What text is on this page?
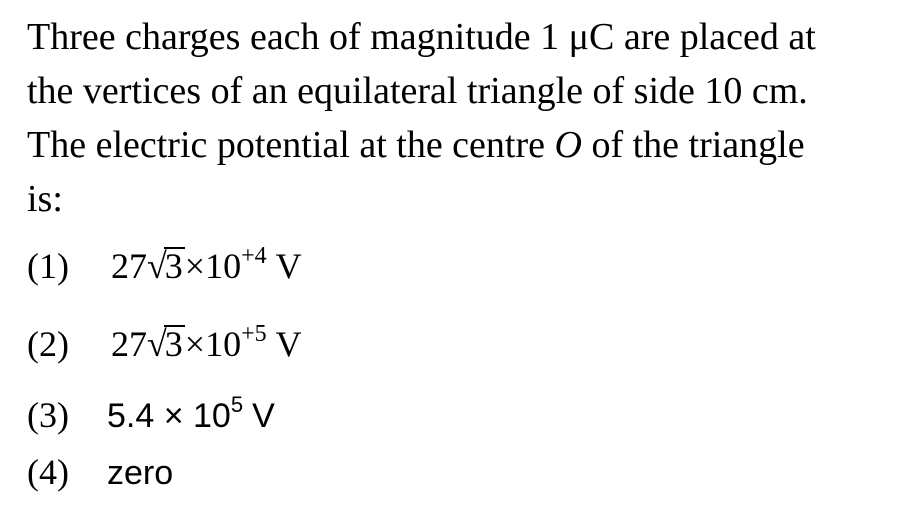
Three charges each of magnitude 1 μC are placed at
the vertices of an equilateral triangle of side 10 cm.
The electric potential at the centre O of the triangle
is:
(1) $27√3\times 10^{+4}$ V
(2) $27√3\times 10^{+5}$ V
(3) $5.4 \times 10^5$ V
(4) zero
